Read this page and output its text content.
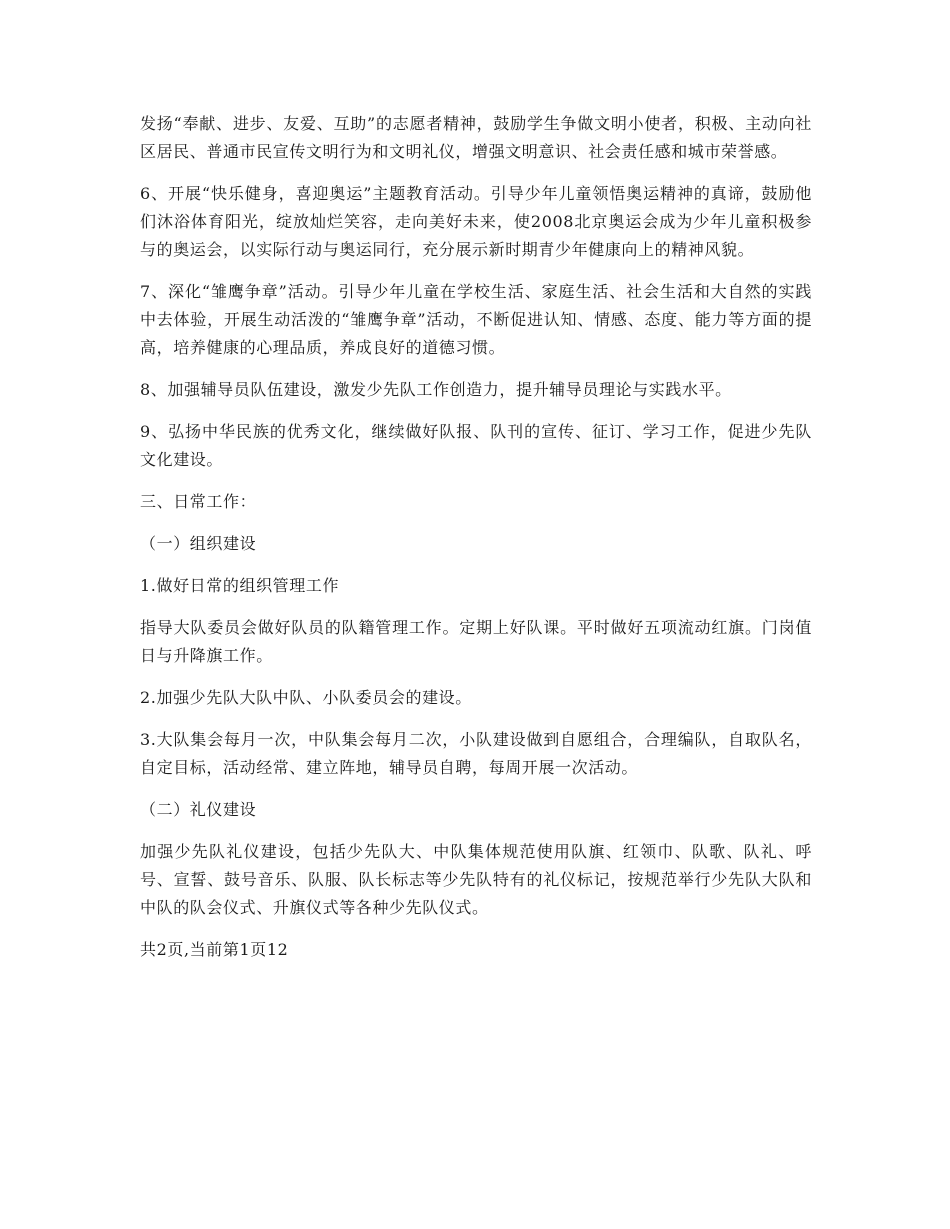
发扬“奉献、进步、友爱、互助”的志愿者精神，鼓励学生争做文明小使者，积极、主动向社区居民、普通市民宣传文明行为和文明礼仪，增强文明意识、社会责任感和城市荣誉感。

6、开展“快乐健身，喜迎奥运”主题教育活动。引导少年儿童领悟奥运精神的真谛，鼓励他们沐浴体育阳光，绽放灿烂笑容，走向美好未来，使2008北京奥运会成为少年儿童积极参与的奥运会，以实际行动与奥运同行，充分展示新时期青少年健康向上的精神风貌。

7、深化“雏鹰争章”活动。引导少年儿童在学校生活、家庭生活、社会生活和大自然的实践中去体验，开展生动活泼的“雏鹰争章”活动，不断促进认知、情感、态度、能力等方面的提高，培养健康的心理品质，养成良好的道德习惯。

8、加强辅导员队伍建设，激发少先队工作创造力，提升辅导员理论与实践水平。

9、弘扬中华民族的优秀文化，继续做好队报、队刊的宣传、征订、学习工作，促进少先队文化建设。

三、日常工作：

（一）组织建设

1.做好日常的组织管理工作

指导大队委员会做好队员的队籍管理工作。定期上好队课。平时做好五项流动红旗。门岗值日与升降旗工作。

2.加强少先队大队中队、小队委员会的建设。

3.大队集会每月一次，中队集会每月二次，小队建设做到自愿组合，合理编队，自取队名，自定目标，活动经常、建立阵地，辅导员自聘，每周开展一次活动。

（二）礼仪建设

加强少先队礼仪建设，包括少先队大、中队集体规范使用队旗、红领巾、队歌、队礼、呼号、宣誓、鼓号音乐、队服、队长标志等少先队特有的礼仪标记，按规范举行少先队大队和中队的队会仪式、升旗仪式等各种少先队仪式。

共2页,当前第1页12
